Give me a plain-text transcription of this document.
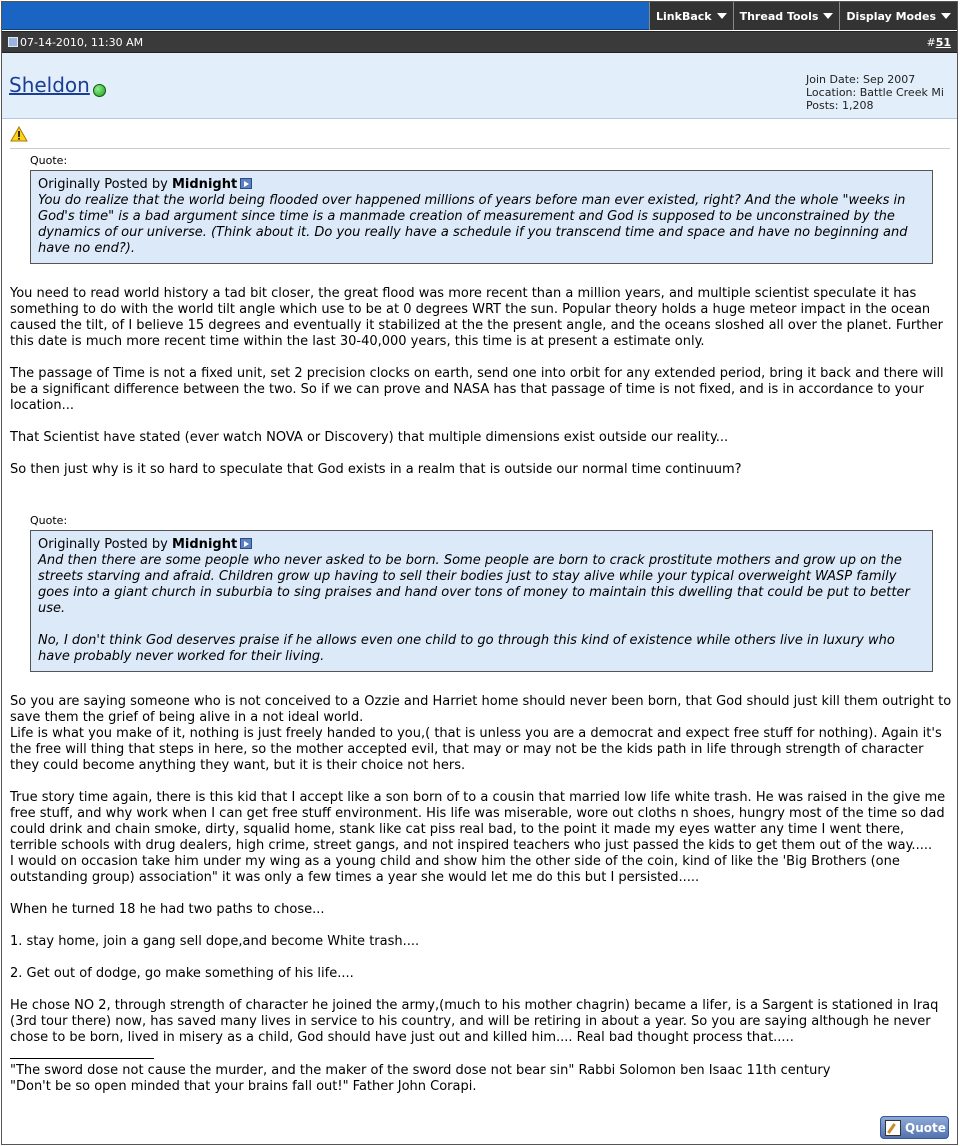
LinkBack	Thread Tools	Display Modes
07-14-2010, 11:30 AM	#51
Sheldon	Join Date: Sep 2007
Location: Battle Creek Mi
Posts: 1,208
Quote:
Originally Posted by Midnight
You do realize that the world being flooded over happened millions of years before man ever existed, right? And the whole "weeks in God's time" is a bad argument since time is a manmade creation of measurement and God is supposed to be unconstrained by the dynamics of our universe. (Think about it. Do you really have a schedule if you transcend time and space and have no beginning and have no end?).

You need to read world history a tad bit closer, the great flood was more recent than a million years, and multiple scientist speculate it has something to do with the world tilt angle which use to be at 0 degrees WRT the sun. Popular theory holds a huge meteor impact in the ocean caused the tilt, of I believe 15 degrees and eventually it stabilized at the the present angle, and the oceans sloshed all over the planet. Further this date is much more recent time within the last 30-40,000 years, this time is at present a estimate only.

The passage of Time is not a fixed unit, set 2 precision clocks on earth, send one into orbit for any extended period, bring it back and there will be a significant difference between the two. So if we can prove and NASA has that passage of time is not fixed, and is in accordance to your location...

That Scientist have stated (ever watch NOVA or Discovery) that multiple dimensions exist outside our reality...

So then just why is it so hard to speculate that God exists in a realm that is outside our normal time continuum?

Quote:
Originally Posted by Midnight
And then there are some people who never asked to be born. Some people are born to crack prostitute mothers and grow up on the streets starving and afraid. Children grow up having to sell their bodies just to stay alive while your typical overweight WASP family goes into a giant church in suburbia to sing praises and hand over tons of money to maintain this dwelling that could be put to better use.
No, I don't think God deserves praise if he allows even one child to go through this kind of existence while others live in luxury who have probably never worked for their living.
So you are saying someone who is not conceived to a Ozzie and Harriet home should never been born, that God should just kill them outright to save them the grief of being alive in a not ideal world.

Life is what you make of it, nothing is just freely handed to you,( that is unless you are a democrat and expect free stuff for nothing). Again it's the free will thing that steps in here, so the mother accepted evil, that may or may not be the kids path in life through strength of character they could become anything they want, but it is their choice not hers.

True story time again, there is this kid that I accept like a son born of to a cousin that married low life white trash. He was raised in the give me free stuff, and why work when I can get free stuff environment. His life was miserable, wore out cloths n shoes, hungry most of the time so dad could drink and chain smoke, dirty, squalid home, stank like cat piss real bad, to the point it made my eyes watter any time I went there, terrible schools with drug dealers, high crime, street gangs, and not inspired teachers who just passed the kids to get them out of the way.....

I would on occasion take him under my wing as a young child and show him the other side of the coin, kind of like the 'Big Brothers (one outstanding group) association" it was only a few times a year she would let me do this but I persisted.....

When he turned 18 he had two paths to chose...

1. stay home, join a gang sell dope,and become White trash....

2. Get out of dodge, go make something of his life....

He chose NO 2, through strength of character he joined the army,(much to his mother chagrin) became a lifer, is a Sargent is stationed in Iraq (3rd tour there) now, has saved many lives in service to his country, and will be retiring in about a year. So you are saying although he never chose to be born, lived in misery as a child, God should have just out and killed him.... Real bad thought process that.....
"The sword dose not cause the murder, and the maker of the sword dose not bear sin" Rabbi Solomon ben Isaac 11th century
"Don't be so open minded that your brains fall out!" Father John Corapi.
Quote
